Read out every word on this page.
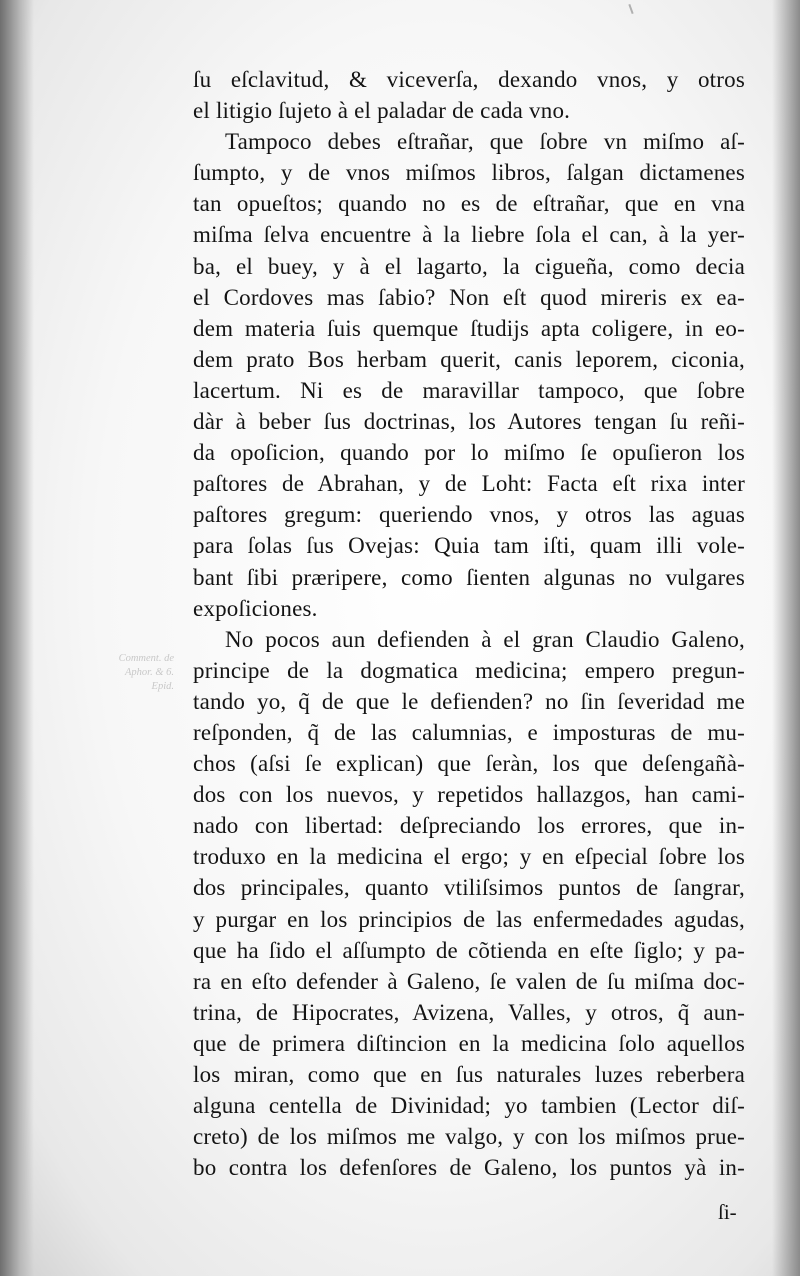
Comment. de
Aphor. & 6.
Epid.
ſu eſclavitud, & viceverſa, dexando vnos, y otros
el litigio ſujeto à el paladar de cada vno.
Tampoco debes eſtrañar, que ſobre vn miſmo aſ-
ſumpto, y de vnos miſmos libros, ſalgan dictamenes
tan opueſtos; quando no es de eſtrañar, que en vna
miſma ſelva encuentre à la liebre ſola el can, à la yer-
ba, el buey, y à el lagarto, la cigueña, como decia
el Cordoves mas ſabio? Non eſt quod mireris ex ea-
dem materia ſuis quemque ſtudijs apta coligere, in eo-
dem prato Bos herbam querit, canis leporem, ciconia,
lacertum. Ni es de maravillar tampoco, que ſobre
dàr à beber ſus doctrinas, los Autores tengan ſu reñi-
da opoſicion, quando por lo miſmo ſe opuſieron los
paſtores de Abrahan, y de Loht: Facta eſt rixa inter
paſtores gregum: queriendo vnos, y otros las aguas
para ſolas ſus Ovejas: Quia tam iſti, quam illi vole-
bant ſibi præripere, como ſienten algunas no vulgares
expoſiciones.
No pocos aun defienden à el gran Claudio Galeno,
principe de la dogmatica medicina; empero pregun-
tando yo, q̃ de que le defienden? no ſin ſeveridad me
reſponden, q̃ de las calumnias, e imposturas de mu-
chos (aſsi ſe explican) que ſeràn, los que deſengañà-
dos con los nuevos, y repetidos hallazgos, han cami-
nado con libertad: deſpreciando los errores, que in-
troduxo en la medicina el ergo; y en eſpecial ſobre los
dos principales, quanto vtiliſsimos puntos de ſangrar,
y purgar en los principios de las enfermedades agudas,
que ha ſido el aſſumpto de cõtienda en eſte ſiglo; y pa-
ra en eſto defender à Galeno, ſe valen de ſu miſma doc-
trina, de Hipocrates, Avizena, Valles, y otros, q̃ aun-
que de primera diſtincion en la medicina ſolo aquellos
los miran, como que en ſus naturales luzes reberbera
alguna centella de Divinidad; yo tambien (Lector diſ-
creto) de los miſmos me valgo, y con los miſmos prue-
bo contra los defenſores de Galeno, los puntos yà in-
ſi-
